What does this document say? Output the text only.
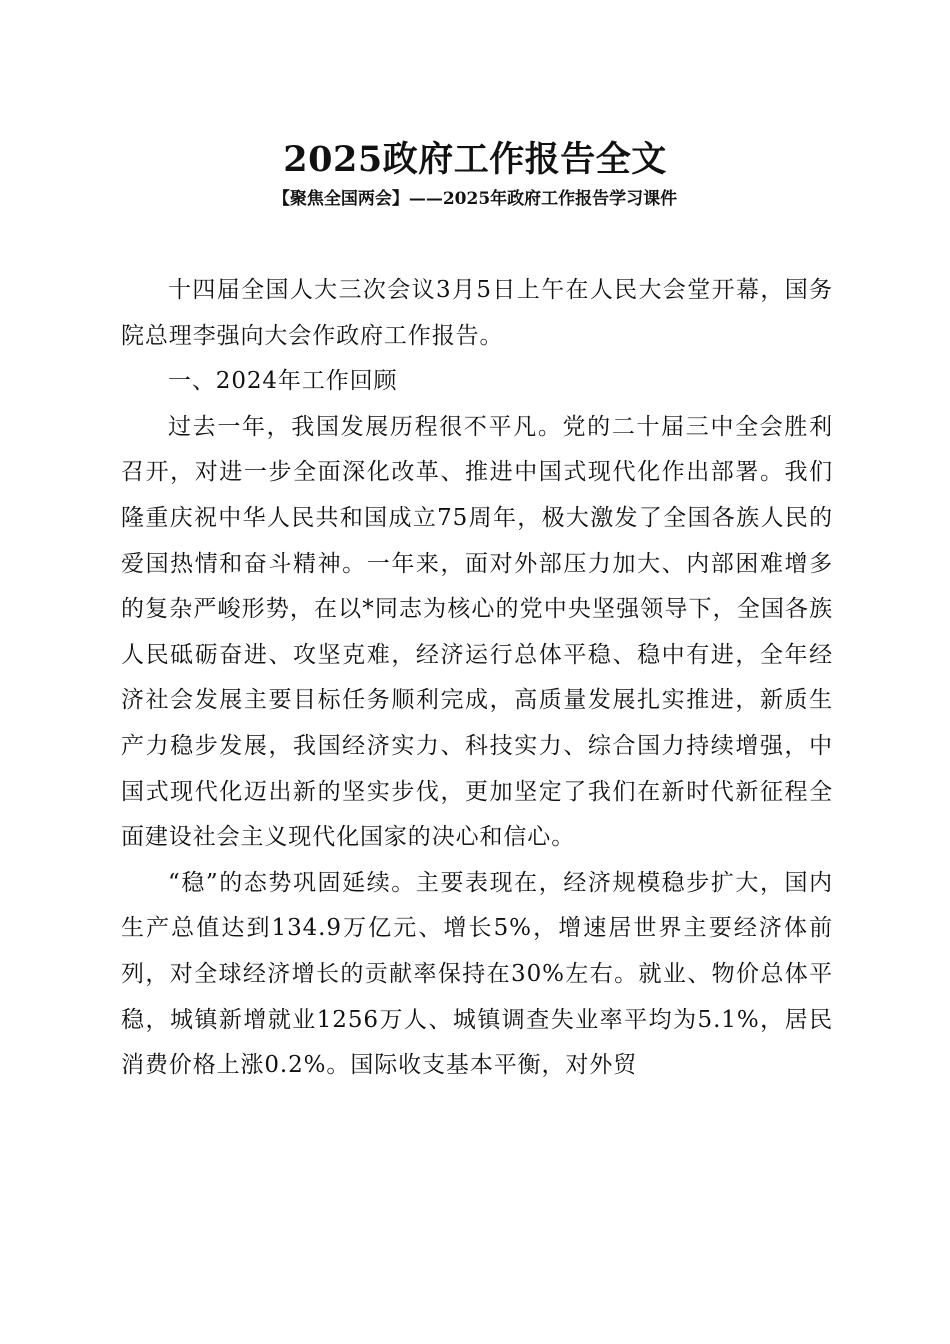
2025政府工作报告全文
【聚焦全国两会】——2025年政府工作报告学习课件

十四届全国人大三次会议3月5日上午在人民大会堂开幕，国务院总理李强向大会作政府工作报告。

一、2024年工作回顾

过去一年，我国发展历程很不平凡。党的二十届三中全会胜利召开，对进一步全面深化改革、推进中国式现代化作出部署。我们隆重庆祝中华人民共和国成立75周年，极大激发了全国各族人民的爱国热情和奋斗精神。一年来，面对外部压力加大、内部困难增多的复杂严峻形势，在以*同志为核心的党中央坚强领导下，全国各族人民砥砺奋进、攻坚克难，经济运行总体平稳、稳中有进，全年经济社会发展主要目标任务顺利完成，高质量发展扎实推进，新质生产力稳步发展，我国经济实力、科技实力、综合国力持续增强，中国式现代化迈出新的坚实步伐，更加坚定了我们在新时代新征程全面建设社会主义现代化国家的决心和信心。

“稳”的态势巩固延续。主要表现在，经济规模稳步扩大，国内生产总值达到134.9万亿元、增长5%，增速居世界主要经济体前列，对全球经济增长的贡献率保持在30%左右。就业、物价总体平稳，城镇新增就业1256万人、城镇调查失业率平均为5.1%，居民消费价格上涨0.2%。国际收支基本平衡，对外贸
